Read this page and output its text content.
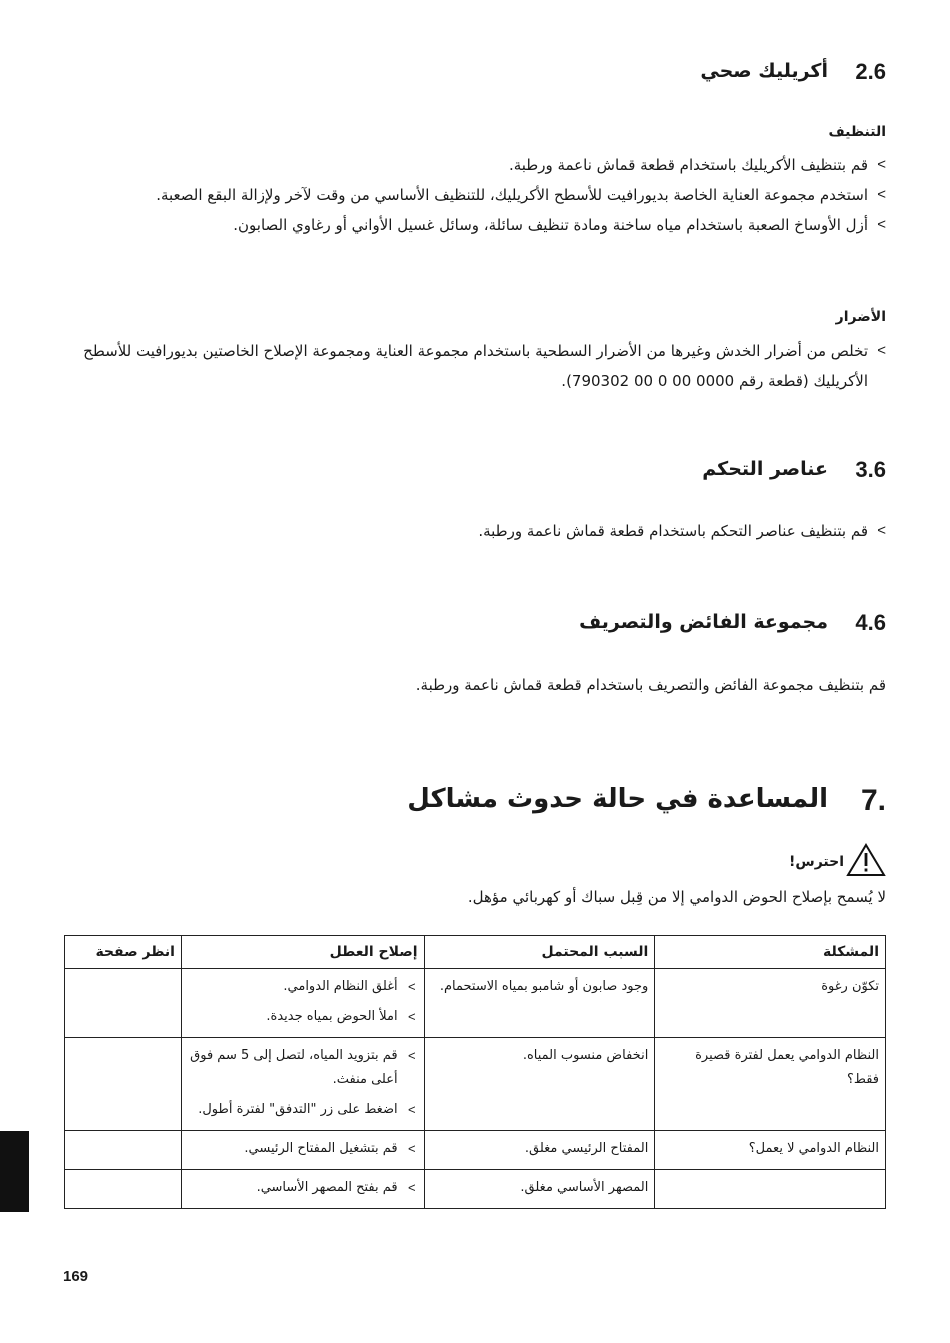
2.6
أكريليك صحي
التنظيف
>
قم بتنظيف الأكريليك باستخدام قطعة قماش ناعمة ورطبة.
>
استخدم مجموعة العناية الخاصة بديورافيت للأسطح الأكريليك، للتنظيف الأساسي من وقت لآخر ولإزالة البقع الصعبة.
>
أزل الأوساخ الصعبة باستخدام مياه ساخنة ومادة تنظيف سائلة، وسائل غسيل الأواني أو رغاوي الصابون.
الأضرار
>
تخلص من أضرار الخدش وغيرها من الأضرار السطحية باستخدام مجموعة العناية ومجموعة الإصلاح الخاصتين بديورافيت للأسطح الأكريليك (قطعة رقم 0000 00 0 00 790302).
3.6
عناصر التحكم
>
قم بتنظيف عناصر التحكم باستخدام قطعة قماش ناعمة ورطبة.
4.6
مجموعة الفائض والتصريف
قم بتنظيف مجموعة الفائض والتصريف باستخدام قطعة قماش ناعمة ورطبة.
7.
المساعدة في حالة حدوث مشاكل
احترس!
لا يُسمح بإصلاح الحوض الدوامي إلا من قِبل سباك أو كهربائي مؤهل.
المشكلة	السبب المحتمل	إصلاح العطل	انظر صفحة
تكوّن رغوة	وجود صابون أو شامبو بمياه الاستحمام.	>
أغلق النظام الدوامي.
>
املأ الحوض بمياه جديدة.	

النظام الدوامي يعمل لفترة قصيرة فقط؟	انخفاض منسوب المياه.	>
قم بتزويد المياه، لتصل إلى 5 سم فوق أعلى منفث.
>
اضغط على زر "التدفق" لفترة أطول.	

النظام الدوامي لا يعمل؟	المفتاح الرئيسي مغلق.	>
قم بتشغيل المفتاح الرئيسي.	

	المصهر الأساسي مغلق.	>
قم بفتح المصهر الأساسي.	

169
